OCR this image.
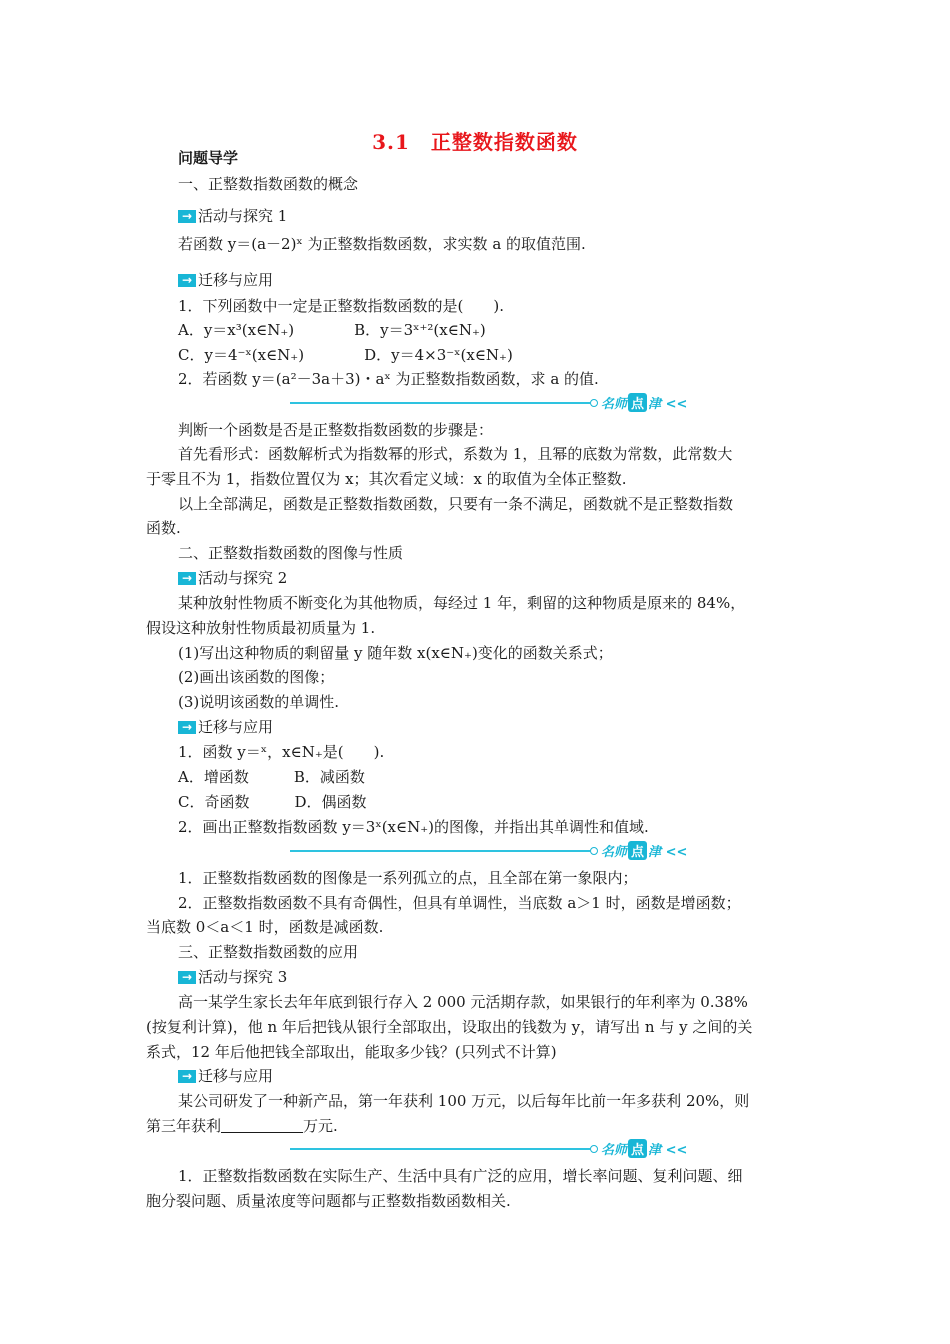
3.1　正整数指数函数
问题导学
一、正整数指数函数的概念
→ 活动与探究 1
若函数 y＝(a－2)ˣ 为正整数指数函数，求实数 a 的取值范围.
→ 迁移与应用
1．下列函数中一定是正整数指数函数的是(　　).
A．y＝x³(x∈N₊)　　　　B．y＝3ˣ⁺²(x∈N₊)
C．y＝4⁻ˣ(x∈N₊)　　　　D．y＝4×3⁻ˣ(x∈N₊)
2．若函数 y＝(a²－3a＋3)・aˣ 为正整数指数函数，求 a 的值.
名师 点 津 <<
判断一个函数是否是正整数指数函数的步骤是：
首先看形式：函数解析式为指数幂的形式，系数为 1，且幂的底数为常数，此常数大
于零且不为 1，指数位置仅为 x；其次看定义域：x 的取值为全体正整数.
以上全部满足，函数是正整数指数函数，只要有一条不满足，函数就不是正整数指数
函数.
二、正整数指数函数的图像与性质
→ 活动与探究 2
某种放射性物质不断变化为其他物质，每经过 1 年，剩留的这种物质是原来的 84%，
假设这种放射性物质最初质量为 1.
(1)写出这种物质的剩留量 y 随年数 x(x∈N₊)变化的函数关系式；
(2)画出该函数的图像；
(3)说明该函数的单调性.
→ 迁移与应用
1．函数 y＝ˣ，x∈N₊是(　　).
A．增函数　　　B．减函数
C．奇函数　　　D．偶函数
2．画出正整数指数函数 y＝3ˣ(x∈N₊)的图像，并指出其单调性和值域.
名师 点 津 <<
1．正整数指数函数的图像是一系列孤立的点，且全部在第一象限内；
2．正整数指数函数不具有奇偶性，但具有单调性，当底数 a＞1 时，函数是增函数；
当底数 0＜a＜1 时，函数是减函数.
三、正整数指数函数的应用
→ 活动与探究 3
高一某学生家长去年年底到银行存入 2 000 元活期存款，如果银行的年利率为 0.38%
(按复利计算)，他 n 年后把钱从银行全部取出，设取出的钱数为 y，请写出 n 与 y 之间的关
系式，12 年后他把钱全部取出，能取多少钱？(只列式不计算)
→ 迁移与应用
某公司研发了一种新产品，第一年获利 100 万元，以后每年比前一年多获利 20%，则
第三年获利	万元.
名师 点 津 <<
1．正整数指数函数在实际生产、生活中具有广泛的应用，增长率问题、复利问题、细
胞分裂问题、质量浓度等问题都与正整数指数函数相关.
